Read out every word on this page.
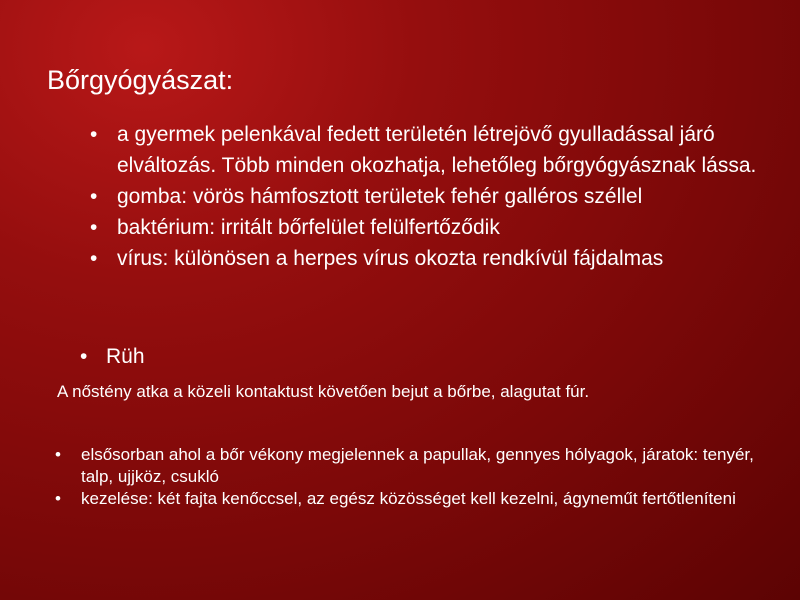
Bőrgyógyászat:
• a gyermek pelenkával fedett területén létrejövő gyulladással járó elváltozás. Több minden okozhatja, lehetőleg bőrgyógyásznak lássa.
• gomba: vörös hámfosztott területek fehér galléros széllel
• baktérium: irritált bőrfelület felülfertőződik
• vírus: különösen a herpes vírus okozta rendkívül fájdalmas
• Rüh
A nőstény atka a közeli kontaktust követően bejut a bőrbe, alagutat fúr.
• elsősorban ahol a bőr vékony megjelennek a papullak, gennyes hólyagok, járatok: tenyér, talp, ujjköz, csukló
• kezelése: két fajta kenőccsel, az egész közösséget kell kezelni, ágyneműt fertőtleníteni
